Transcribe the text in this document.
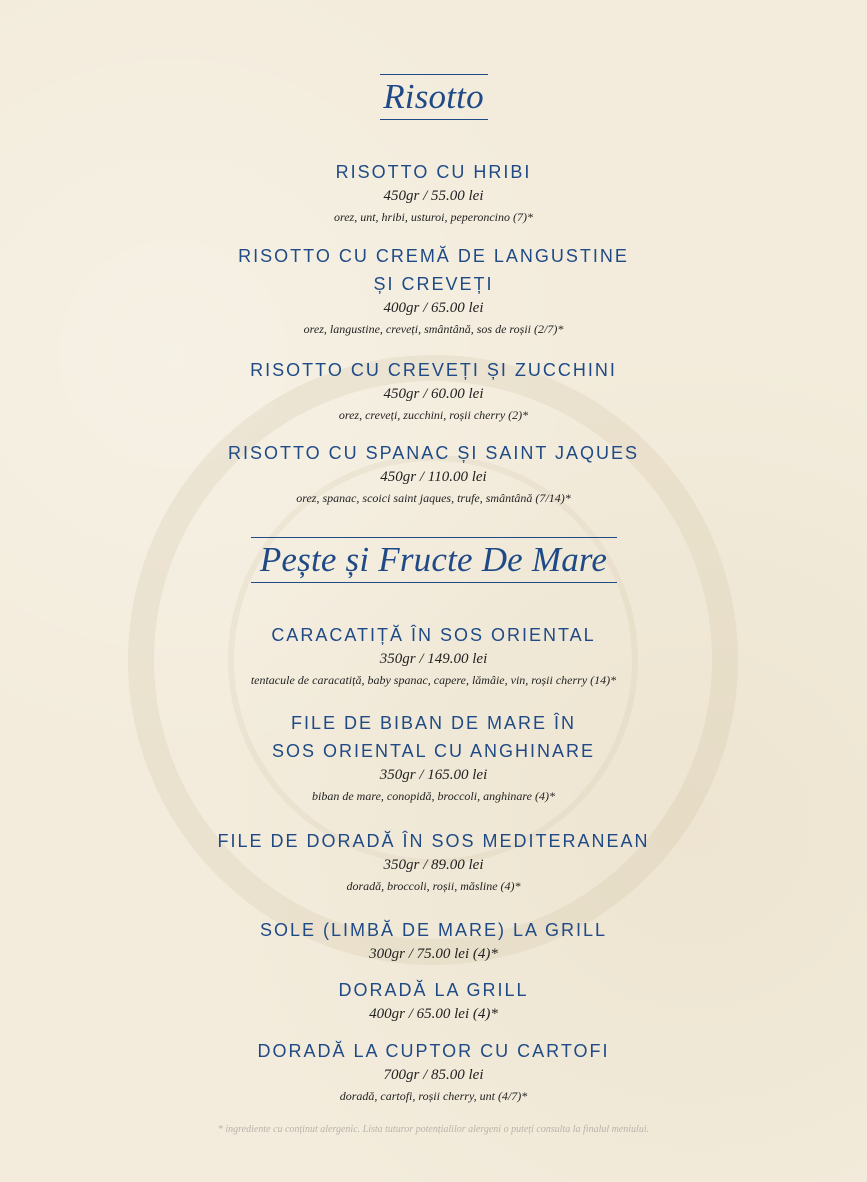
Risotto
RISOTTO CU HRIBI
450gr / 55.00 lei
orez, unt, hribi, usturoi, peperoncino (7)*
RISOTTO CU CREMĂ DE LANGUSTINE
ȘI CREVEȚI
400gr / 65.00 lei
orez, langustine, creveți, smântână, sos de roșii (2/7)*
RISOTTO CU CREVEȚI ȘI ZUCCHINI
450gr / 60.00 lei
orez, creveți, zucchini, roșii cherry (2)*
RISOTTO CU SPANAC ȘI SAINT JAQUES
450gr / 110.00 lei
orez, spanac, scoici saint jaques, trufe, smântână (7/14)*
Pește și Fructe De Mare
CARACATIȚĂ ÎN SOS ORIENTAL
350gr / 149.00 lei
tentacule de caracatiță, baby spanac, capere, lămâie, vin, roșii cherry (14)*
FILE DE BIBAN DE MARE ÎN
SOS ORIENTAL CU ANGHINARE
350gr / 165.00 lei
biban de mare, conopidă, broccoli, anghinare (4)*
FILE DE DORADĂ ÎN SOS MEDITERANEAN
350gr / 89.00 lei
doradă, broccoli, roșii, măsline (4)*
SOLE (LIMBĂ DE MARE) LA GRILL
300gr / 75.00 lei (4)*
DORADĂ LA GRILL
400gr / 65.00 lei (4)*
DORADĂ LA CUPTOR CU CARTOFI
700gr / 85.00 lei
doradă, cartofi, roșii cherry, unt (4/7)*
* ingrediente cu conținut alergenic. Lista tuturor potențialilor alergeni o puteți consulta la finalul meniului.
